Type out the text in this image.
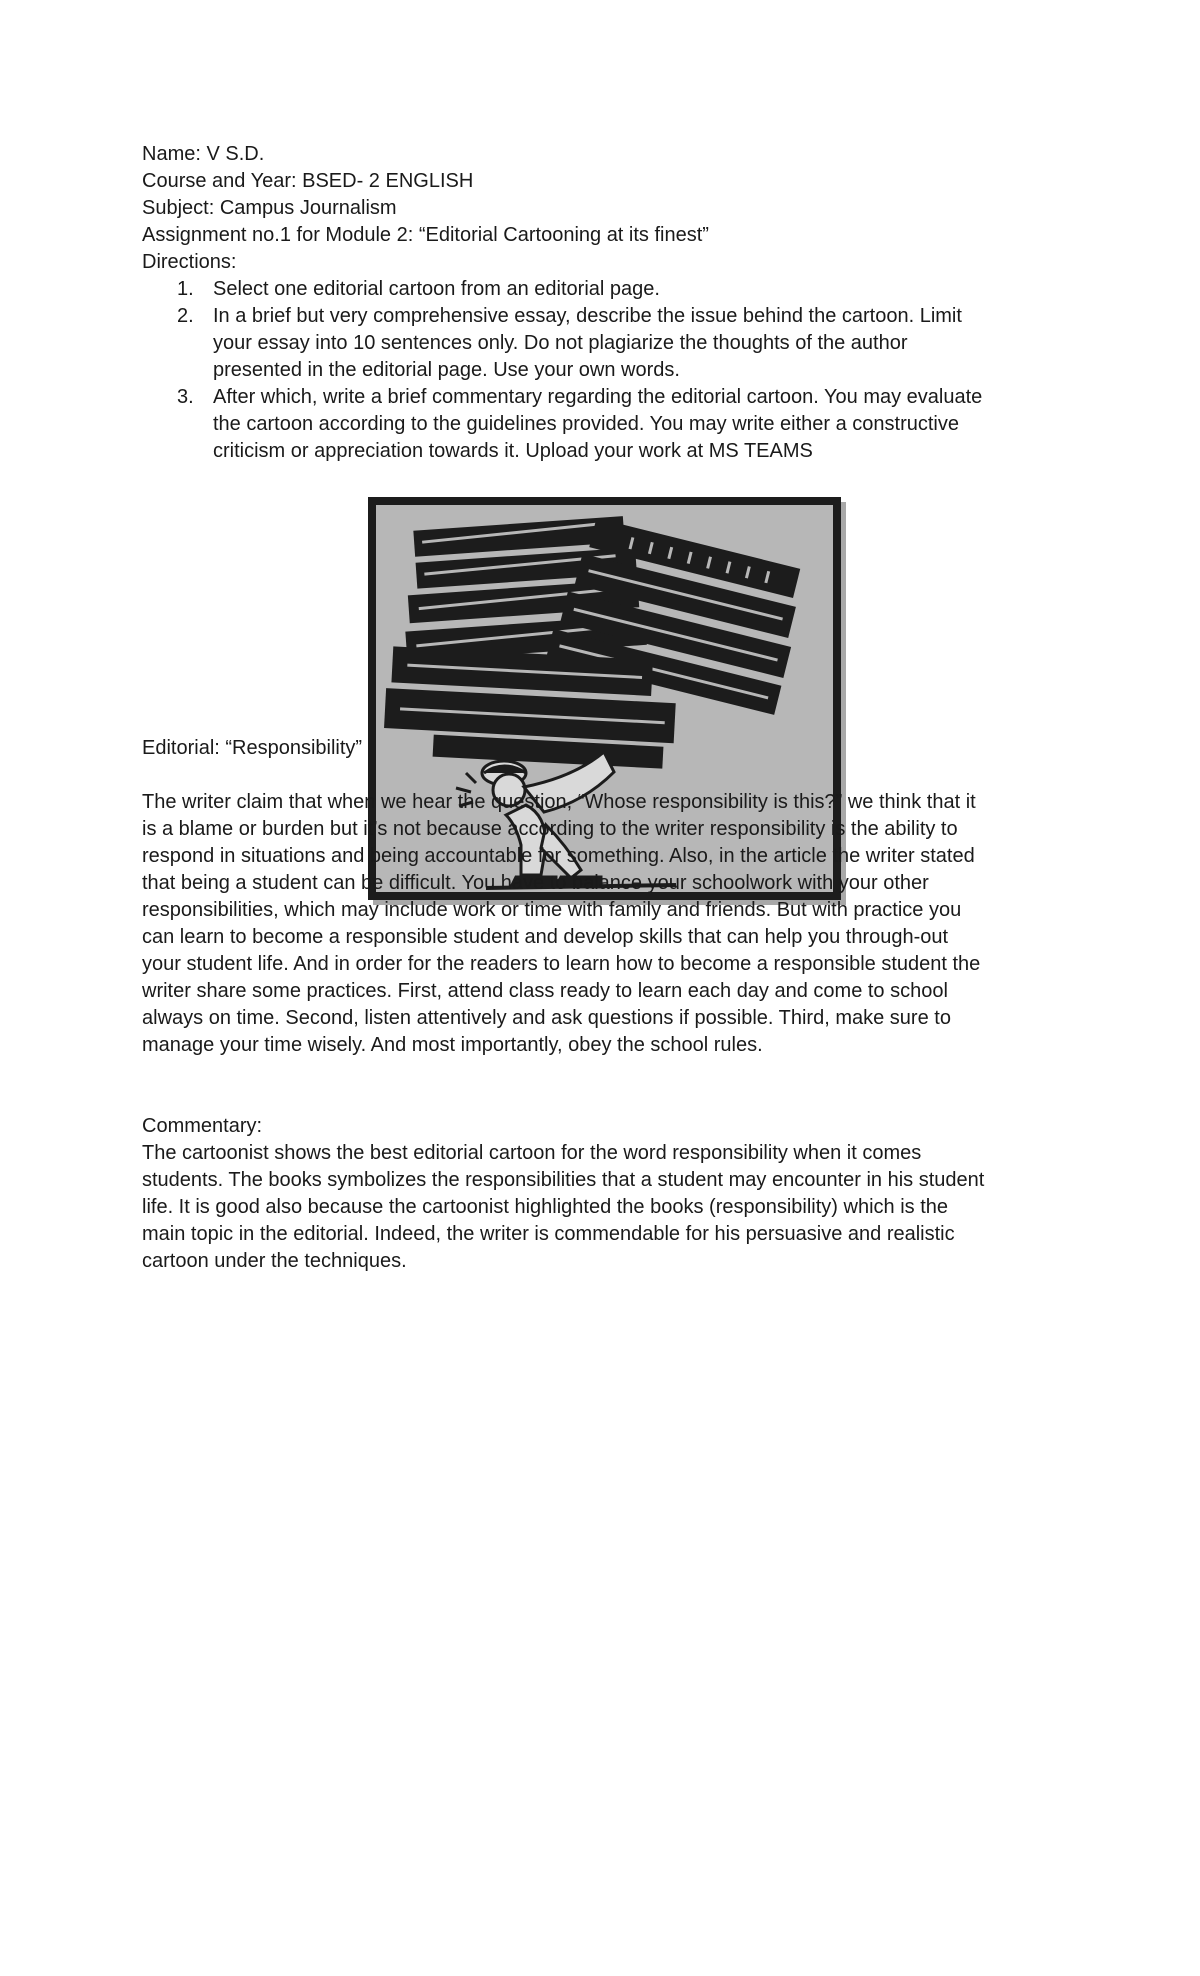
Name: V S.D.
Course and Year: BSED- 2 ENGLISH
Subject: Campus Journalism
Assignment no.1 for Module 2: “Editorial Cartooning at its finest”
Directions:
1. Select one editorial cartoon from an editorial page.
2. In a brief but very comprehensive essay, describe the issue behind the cartoon. Limit
your essay into 10 sentences only. Do not plagiarize the thoughts of the author
presented in the editorial page. Use your own words.
3. After which, write a brief commentary regarding the editorial cartoon. You may evaluate
the cartoon according to the guidelines provided. You may write either a constructive
criticism or appreciation towards it. Upload your work at MS TEAMS
Editorial: “Responsibility”
The writer claim that when we hear the question, “Whose responsibility is this?” we think that it
is a blame or burden but it’s not because according to the writer responsibility is the ability to
respond in situations and being accountable for something. Also, in the article the writer stated
that being a student can be difficult. You have to balance your schoolwork with your other
responsibilities, which may include work or time with family and friends. But with practice you
can learn to become a responsible student and develop skills that can help you through-out
your student life. And in order for the readers to learn how to become a responsible student the
writer share some practices. First, attend class ready to learn each day and come to school
always on time. Second, listen attentively and ask questions if possible. Third, make sure to
manage your time wisely. And most importantly, obey the school rules.
Commentary:
The cartoonist shows the best editorial cartoon for the word responsibility when it comes
students. The books symbolizes the responsibilities that a student may encounter in his student
life. It is good also because the cartoonist highlighted the books (responsibility) which is the
main topic in the editorial. Indeed, the writer is commendable for his persuasive and realistic
cartoon under the techniques.
